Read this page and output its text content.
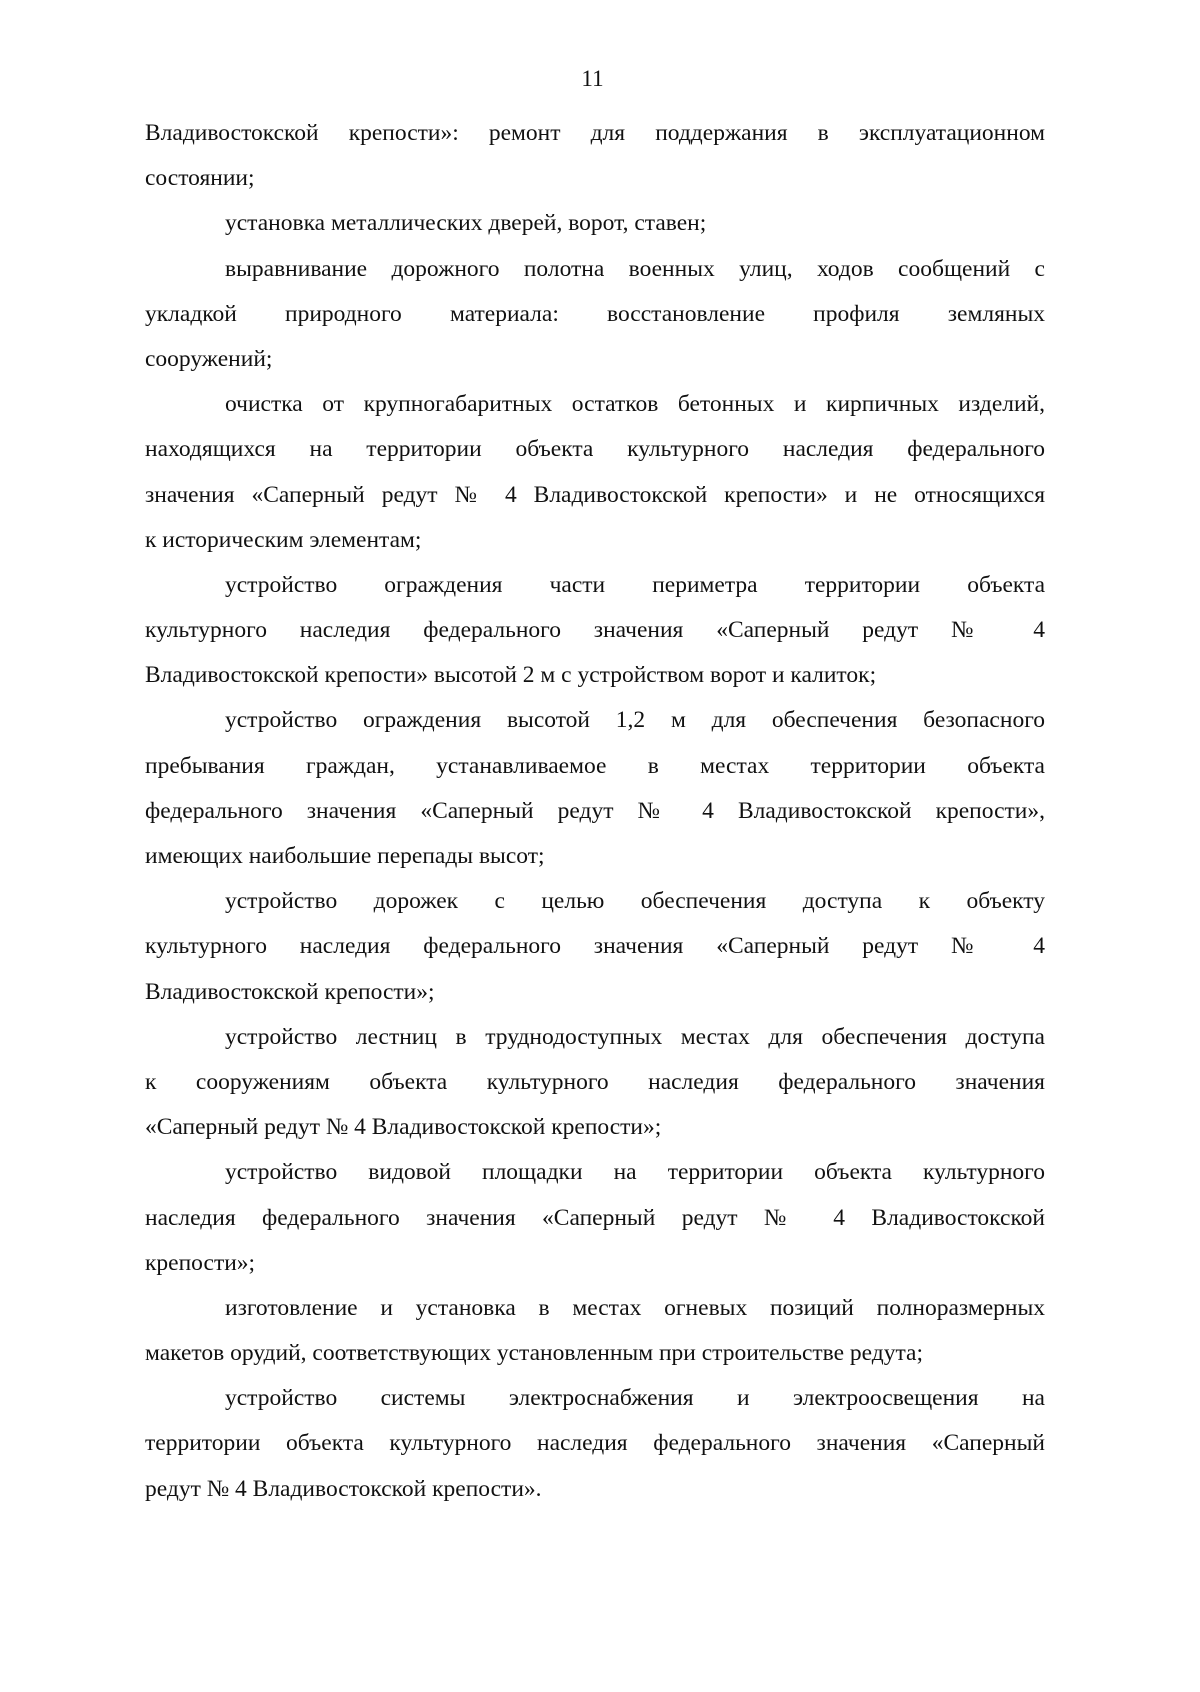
11
Владивостокской крепости»: ремонт для поддержания в эксплуатационном
состоянии;
установка металлических дверей, ворот, ставен;
выравнивание дорожного полотна военных улиц, ходов сообщений с
укладкой природного материала: восстановление профиля земляных
сооружений;
очистка от крупногабаритных остатков бетонных и кирпичных изделий,
находящихся на территории объекта культурного наследия федерального
значения «Саперный редут № 4 Владивостокской крепости» и не относящихся
к историческим элементам;
устройство ограждения части периметра территории объекта
культурного наследия федерального значения «Саперный редут № 4
Владивостокской крепости» высотой 2 м с устройством ворот и калиток;
устройство ограждения высотой 1,2 м для обеспечения безопасного
пребывания граждан, устанавливаемое в местах территории объекта
федерального значения «Саперный редут № 4 Владивостокской крепости»,
имеющих наибольшие перепады высот;
устройство дорожек с целью обеспечения доступа к объекту
культурного наследия федерального значения «Саперный редут № 4
Владивостокской крепости»;
устройство лестниц в труднодоступных местах для обеспечения доступа
к сооружениям объекта культурного наследия федерального значения
«Саперный редут № 4 Владивостокской крепости»;
устройство видовой площадки на территории объекта культурного
наследия федерального значения «Саперный редут № 4 Владивостокской
крепости»;
изготовление и установка в местах огневых позиций полноразмерных
макетов орудий, соответствующих установленным при строительстве редута;
устройство системы электроснабжения и электроосвещения на
территории объекта культурного наследия федерального значения «Саперный
редут № 4 Владивостокской крепости».
